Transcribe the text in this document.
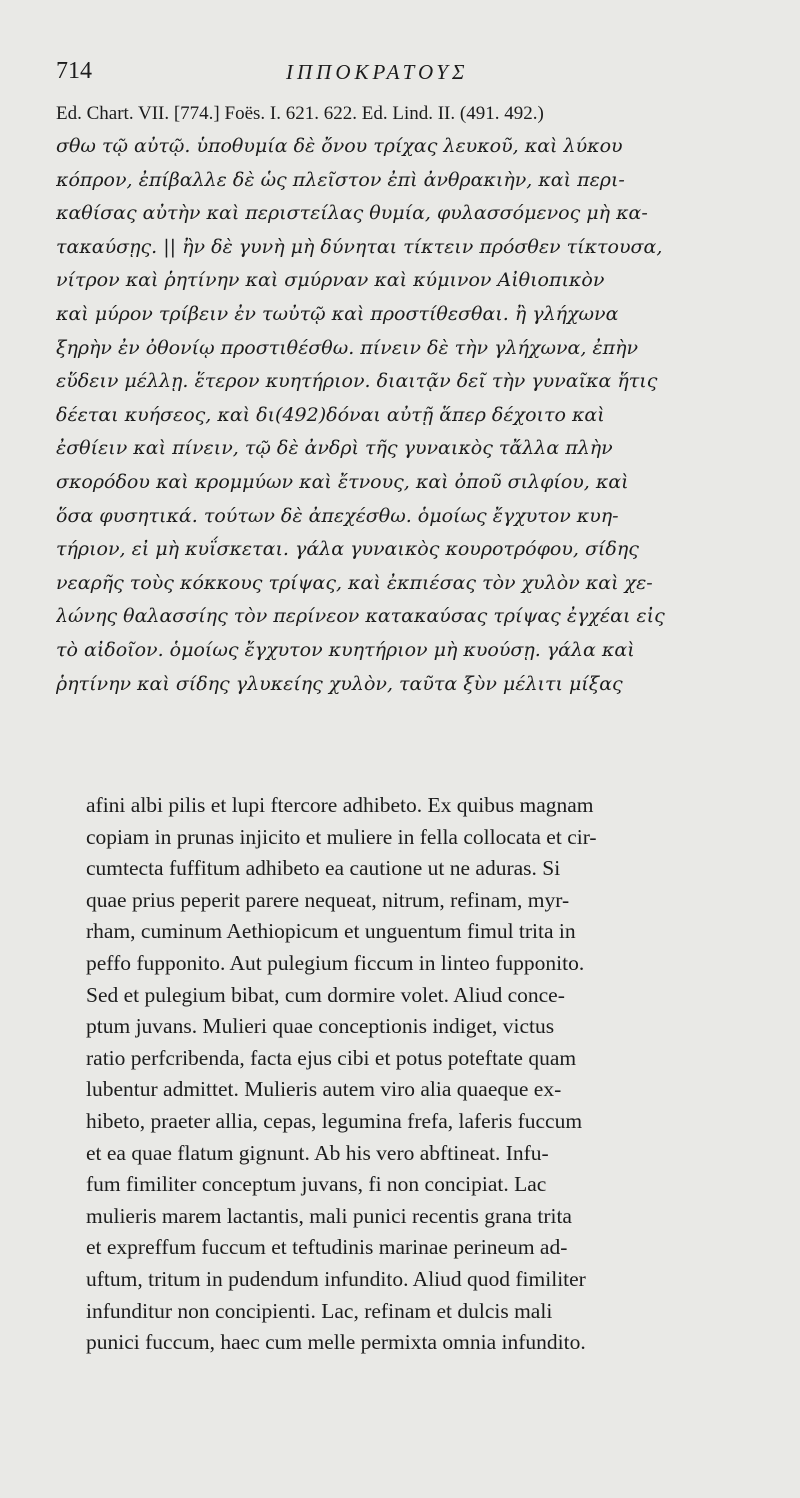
714	ΙΠΠΟΚΡΑΤΟΥΣ
Ed. Chart. VII. [774.] Foës. I. 621. 622. Ed. Lind. II. (491. 492.)
σθω τῷ αὐτῷ. ὑποθυμία δὲ ὄνου τρίχας λευκοῦ, καὶ λύκου
κόπρον, ἐπίβαλλε δὲ ὡς πλεῖστον ἐπὶ ἀνθρακιὴν, καὶ περι-
καθίσας αὐτὴν καὶ περιστείλας θυμία, φυλασσόμενος μὴ κα-
τακαύσῃς. || ἢν δὲ γυνὴ μὴ δύνηται τίκτειν πρόσθεν τίκτουσα,
νίτρον καὶ ῥητίνην καὶ σμύρναν καὶ κύμινον Αἰθιοπικὸν
καὶ μύρον τρίβειν ἐν τωὐτῷ καὶ προστίθεσθαι. ἢ γλήχωνα
ξηρὴν ἐν ὀθονίῳ προστιθέσθω. πίνειν δὲ τὴν γλήχωνα, ἐπὴν
εὕδειν μέλλῃ. ἕτερον κυητήριον. διαιτᾷν δεῖ τὴν γυναῖκα ἥτις
δέεται κυήσεος, καὶ δι(492)δόναι αὐτῇ ἅπερ δέχοιτο καὶ
ἐσθίειν καὶ πίνειν, τῷ δὲ ἀνδρὶ τῆς γυναικὸς τἄλλα πλὴν
σκορόδου καὶ κρομμύων καὶ ἔτνους, καὶ ὀποῦ σιλφίου, καὶ
ὅσα φυσητικά. τούτων δὲ ἀπεχέσθω. ὁμοίως ἔγχυτον κυη-
τήριον, εἰ μὴ κυΐσκεται. γάλα γυναικὸς κουροτρόφου, σίδης
νεαρῆς τοὺς κόκκους τρίψας, καὶ ἐκπιέσας τὸν χυλὸν καὶ χε-
λώνης θαλασσίης τὸν περίνεον κατακαύσας τρίψας ἐγχέαι εἰς
τὸ αἰδοῖον. ὁμοίως ἔγχυτον κυητήριον μὴ κυούσῃ. γάλα καὶ
ῥητίνην καὶ σίδης γλυκείης χυλὸν, ταῦτα ξὺν μέλιτι μίξας
afini albi pilis et lupi ftercore adhibeto. Ex quibus magnam
copiam in prunas injicito et muliere in fella collocata et cir-
cumtecta fuffitum adhibeto ea cautione ut ne aduras. Si
quae prius peperit parere nequeat, nitrum, refinam, myr-
rham, cuminum Aethiopicum et unguentum fimul trita in
peffo fupponito. Aut pulegium ficcum in linteo fupponito.
Sed et pulegium bibat, cum dormire volet. Aliud conce-
ptum juvans. Mulieri quae conceptionis indiget, victus
ratio perfcribenda, facta ejus cibi et potus poteftate quam
lubentur admittet. Mulieris autem viro alia quaeque ex-
hibeto, praeter allia, cepas, legumina frefa, laferis fuccum
et ea quae flatum gignunt. Ab his vero abftineat. Infu-
fum fimiliter conceptum juvans, fi non concipiat. Lac
mulieris marem lactantis, mali punici recentis grana trita
et expreffum fuccum et teftudinis marinae perineum ad-
uftum, tritum in pudendum infundito. Aliud quod fimiliter
infunditur non concipienti. Lac, refinam et dulcis mali
punici fuccum, haec cum melle permixta omnia infundito.
